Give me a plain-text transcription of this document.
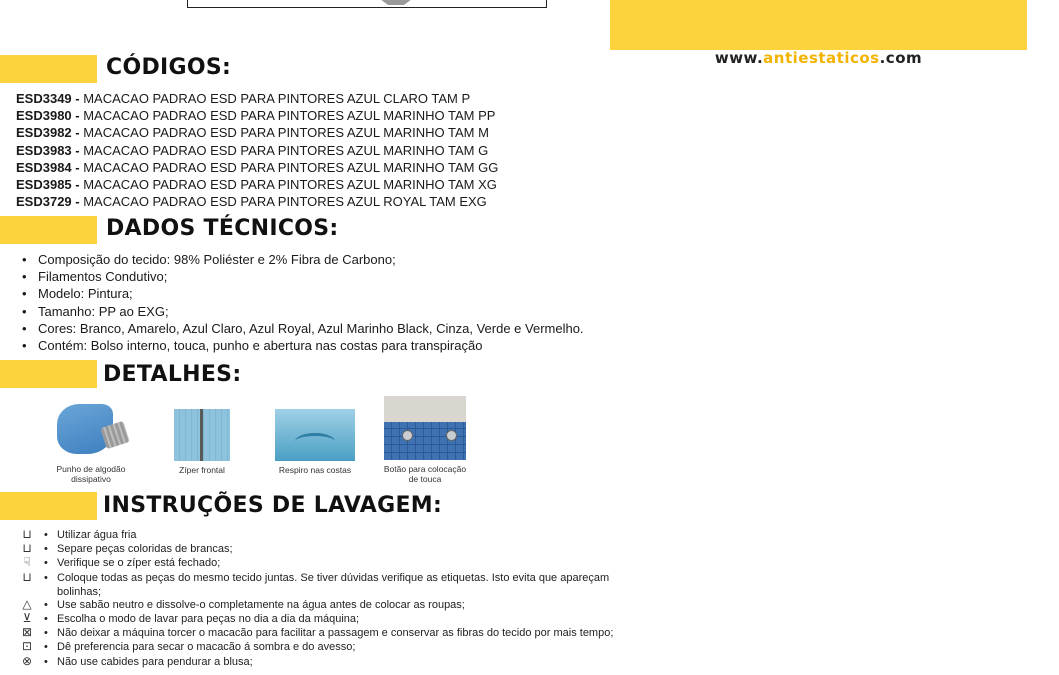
www.antiestaticos.com
CÓDIGOS:
ESD3349 - MACACAO PADRAO ESD PARA PINTORES AZUL CLARO TAM P
ESD3980 - MACACAO PADRAO ESD PARA PINTORES AZUL MARINHO TAM PP
ESD3982 - MACACAO PADRAO ESD PARA PINTORES AZUL MARINHO TAM M
ESD3983 - MACACAO PADRAO ESD PARA PINTORES AZUL MARINHO TAM G
ESD3984 - MACACAO PADRAO ESD PARA PINTORES AZUL MARINHO TAM GG
ESD3985 - MACACAO PADRAO ESD PARA PINTORES AZUL MARINHO TAM XG
ESD3729 - MACACAO PADRAO ESD PARA PINTORES AZUL ROYAL TAM EXG
DADOS TÉCNICOS:
• Composição do tecido: 98% Poliéster e 2% Fibra de Carbono;
• Filamentos Condutivo;
• Modelo: Pintura;
• Tamanho: PP ao EXG;
• Cores: Branco, Amarelo, Azul Claro, Azul Royal, Azul Marinho Black, Cinza, Verde e Vermelho.
• Contém: Bolso interno, touca, punho e abertura nas costas para transpiração
DETALHES:
Punho de algodão dissipativo
Zíper frontal	Respiro nas costas	Botão para colocação
de touca
INSTRUÇÕES DE LAVAGEM:
⊔	• Utilizar água fria
⊔	• Separe peças coloridas de brancas;
☟	• Verifique se o zíper está fechado;
⊔	• Coloque todas as peças do mesmo tecido juntas. Se tiver dúvidas verifique as etiquetas. Isto evita que apareçam
bolinhas;
△	• Use sabão neutro e dissolve-o completamente na água antes de colocar as roupas;
⊻	• Escolha o modo de lavar para peças no dia a dia da máquina;
⊠	• Não deixar a máquina torcer o macacão para facilitar a passagem e conservar as fibras do tecido por mais tempo;
⊡	• Dê preferencia para secar o macacão á sombra e do avesso;
⊗	• Não use cabides para pendurar a blusa;
